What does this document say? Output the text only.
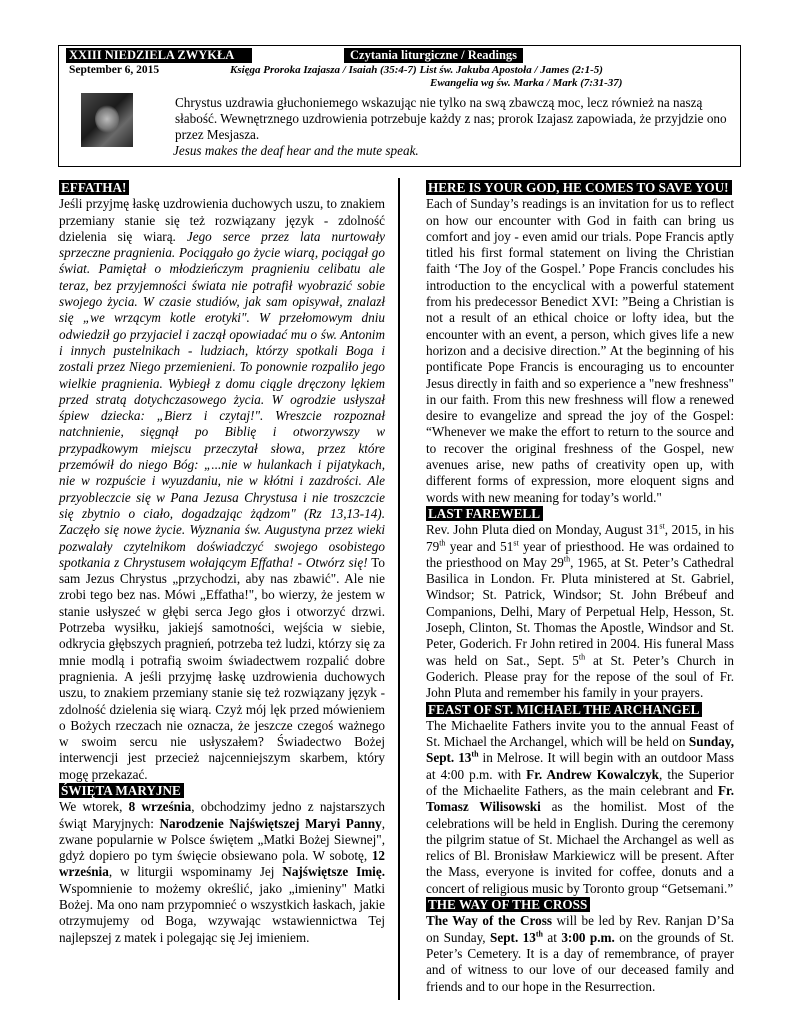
XXIII NIEDZIELA ZWYKŁA	Czytania liturgiczne / Readings
September 6, 2015	Księga Proroka Izajasza / Isaiah (35:4-7) List św. Jakuba Apostoła / James (2:1-5)
Ewangelia wg św. Marka / Mark (7:31-37)
Chrystus uzdrawia głuchoniemego wskazując nie tylko na swą zbawczą moc, lecz również na naszą słabość. Wewnętrznego uzdrowienia potrzebuje każdy z nas; prorok Izajasz zapowiada, że przyjdzie ono przez Mesjasza.
Jesus makes the deaf hear and the mute speak.
EFFATHA!

Jeśli przyjmę łaskę uzdrowienia duchowych uszu, to znakiem przemiany stanie się też rozwiązany język - zdolność dzielenia się wiarą. Jego serce przez lata nurtowały sprzeczne pragnienia. Pociągało go życie wiarą, pociągał go świat. Pamiętał o młodzieńczym pragnieniu celibatu ale teraz, bez przyjemności świata nie potrafił wyobrazić sobie swojego życia. W czasie studiów, jak sam opisywał, znalazł się „we wrzącym kotle erotyki". W przełomowym dniu odwiedził go przyjaciel i zaczął opowiadać mu o św. Antonim i innych pustelnikach - ludziach, którzy spotkali Boga i zostali przez Niego przemienieni. To ponownie rozpaliło jego wielkie pragnienia. Wybiegł z domu ciągle dręczony lękiem przed stratą dotychczasowego życia. W ogrodzie usłyszał śpiew dziecka: „Bierz i czytaj!". Wreszcie rozpoznał natchnienie, sięgnął po Biblię i otworzywszy w przypadkowym miejscu przeczytał słowa, przez które przemówił do niego Bóg: „...nie w hulankach i pijatykach, nie w rozpuście i wyuzdaniu, nie w kłótni i zazdrości. Ale przyobleczcie się w Pana Jezusa Chrystusa i nie troszczcie się zbytnio o ciało, dogadzając żądzom" (Rz 13,13-14). Zaczęło się nowe życie. Wyznania św. Augustyna przez wieki pozwalały czytelnikom doświadczyć swojego osobistego spotkania z Chrystusem wołającym Effatha! - Otwórz się! To sam Jezus Chrystus „przychodzi, aby nas zbawić". Ale nie zrobi tego bez nas. Mówi „Effatha!", bo wierzy, że jestem w stanie usłyszeć w głębi serca Jego głos i otworzyć drzwi. Potrzeba wysiłku, jakiejś samotności, wejścia w siebie, odkrycia głębszych pragnień, potrzeba też ludzi, którzy się za mnie modlą i potrafią swoim świadectwem rozpalić dobre pragnienia. A jeśli przyjmę łaskę uzdrowienia duchowych uszu, to znakiem przemiany stanie się też rozwiązany język - zdolność dzielenia się wiarą. Czyż mój lęk przed mówieniem o Bożych rzeczach nie oznacza, że jeszcze czegoś ważnego w swoim sercu nie usłyszałem? Świadectwo Bożej interwencji jest przecież najcenniejszym skarbem, który mogę przekazać.

ŚWIĘTA MARYJNE

We wtorek, 8 września, obchodzimy jedno z najstarszych świąt Maryjnych: Narodzenie Najświętszej Maryi Panny, zwane popularnie w Polsce świętem „Matki Bożej Siewnej", gdyż dopiero po tym święcie obsiewano pola. W sobotę, 12 września, w liturgii wspominamy Jej Najświętsze Imię. Wspomnienie to możemy określić, jako „imieniny" Matki Bożej. Ma ono nam przypomnieć o wszystkich łaskach, jakie otrzymujemy od Boga, wzywając wstawiennictwa Tej najlepszej z matek i polegając się Jej imieniem.

HERE IS YOUR GOD, HE COMES TO SAVE YOU!

Each of Sunday’s readings is an invitation for us to reflect on how our encounter with God in faith can bring us comfort and joy - even amid our trials. Pope Francis aptly titled his first formal statement on living the Christian faith ‘The Joy of the Gospel.’ Pope Francis concludes his introduction to the encyclical with a powerful statement from his predecessor Benedict XVI: ”Being a Christian is not a result of an ethical choice or lofty idea, but the encounter with an event, a person, which gives life a new horizon and a decisive direction.” At the beginning of his pontificate Pope Francis is encouraging us to encounter Jesus directly in faith and so experience a "new freshness" in our faith. From this new freshness will flow a renewed desire to evangelize and spread the joy of the Gospel: “Whenever we make the effort to return to the source and to recover the original freshness of the Gospel, new avenues arise, new paths of creativity open up, with different forms of expression, more eloquent signs and words with new meaning for today’s world."

LAST FAREWELL

Rev. John Pluta died on Monday, August 31st, 2015, in his 79th year and 51st year of priesthood. He was ordained to the priesthood on May 29th, 1965, at St. Peter’s Cathedral Basilica in London. Fr. Pluta ministered at St. Gabriel, Windsor; St. Patrick, Windsor; St. John Brébeuf and Companions, Delhi, Mary of Perpetual Help, Hesson, St. Joseph, Clinton, St. Thomas the Apostle, Windsor and St. Peter, Goderich. Fr John retired in 2004. His funeral Mass was held on Sat., Sept. 5th at St. Peter’s Church in Goderich. Please pray for the repose of the soul of Fr. John Pluta and remember his family in your prayers.

FEAST OF ST. MICHAEL THE ARCHANGEL

The Michaelite Fathers invite you to the annual Feast of St. Michael the Archangel, which will be held on Sunday, Sept. 13th in Melrose. It will begin with an outdoor Mass at 4:00 p.m. with Fr. Andrew Kowalczyk, the Superior of the Michaelite Fathers, as the main celebrant and Fr. Tomasz Wilisowski as the homilist. Most of the celebrations will be held in English. During the ceremony the pilgrim statue of St. Michael the Archangel as well as relics of Bl. Bronisław Markiewicz will be present. After the Mass, everyone is invited for coffee, donuts and a concert of religious music by Toronto group “Getsemani.”

THE WAY OF THE CROSS

The Way of the Cross will be led by Rev. Ranjan D’Sa on Sunday, Sept. 13th at 3:00 p.m. on the grounds of St. Peter’s Cemetery. It is a day of remembrance, of prayer and of witness to our love of our deceased family and friends and to our hope in the Resurrection.
